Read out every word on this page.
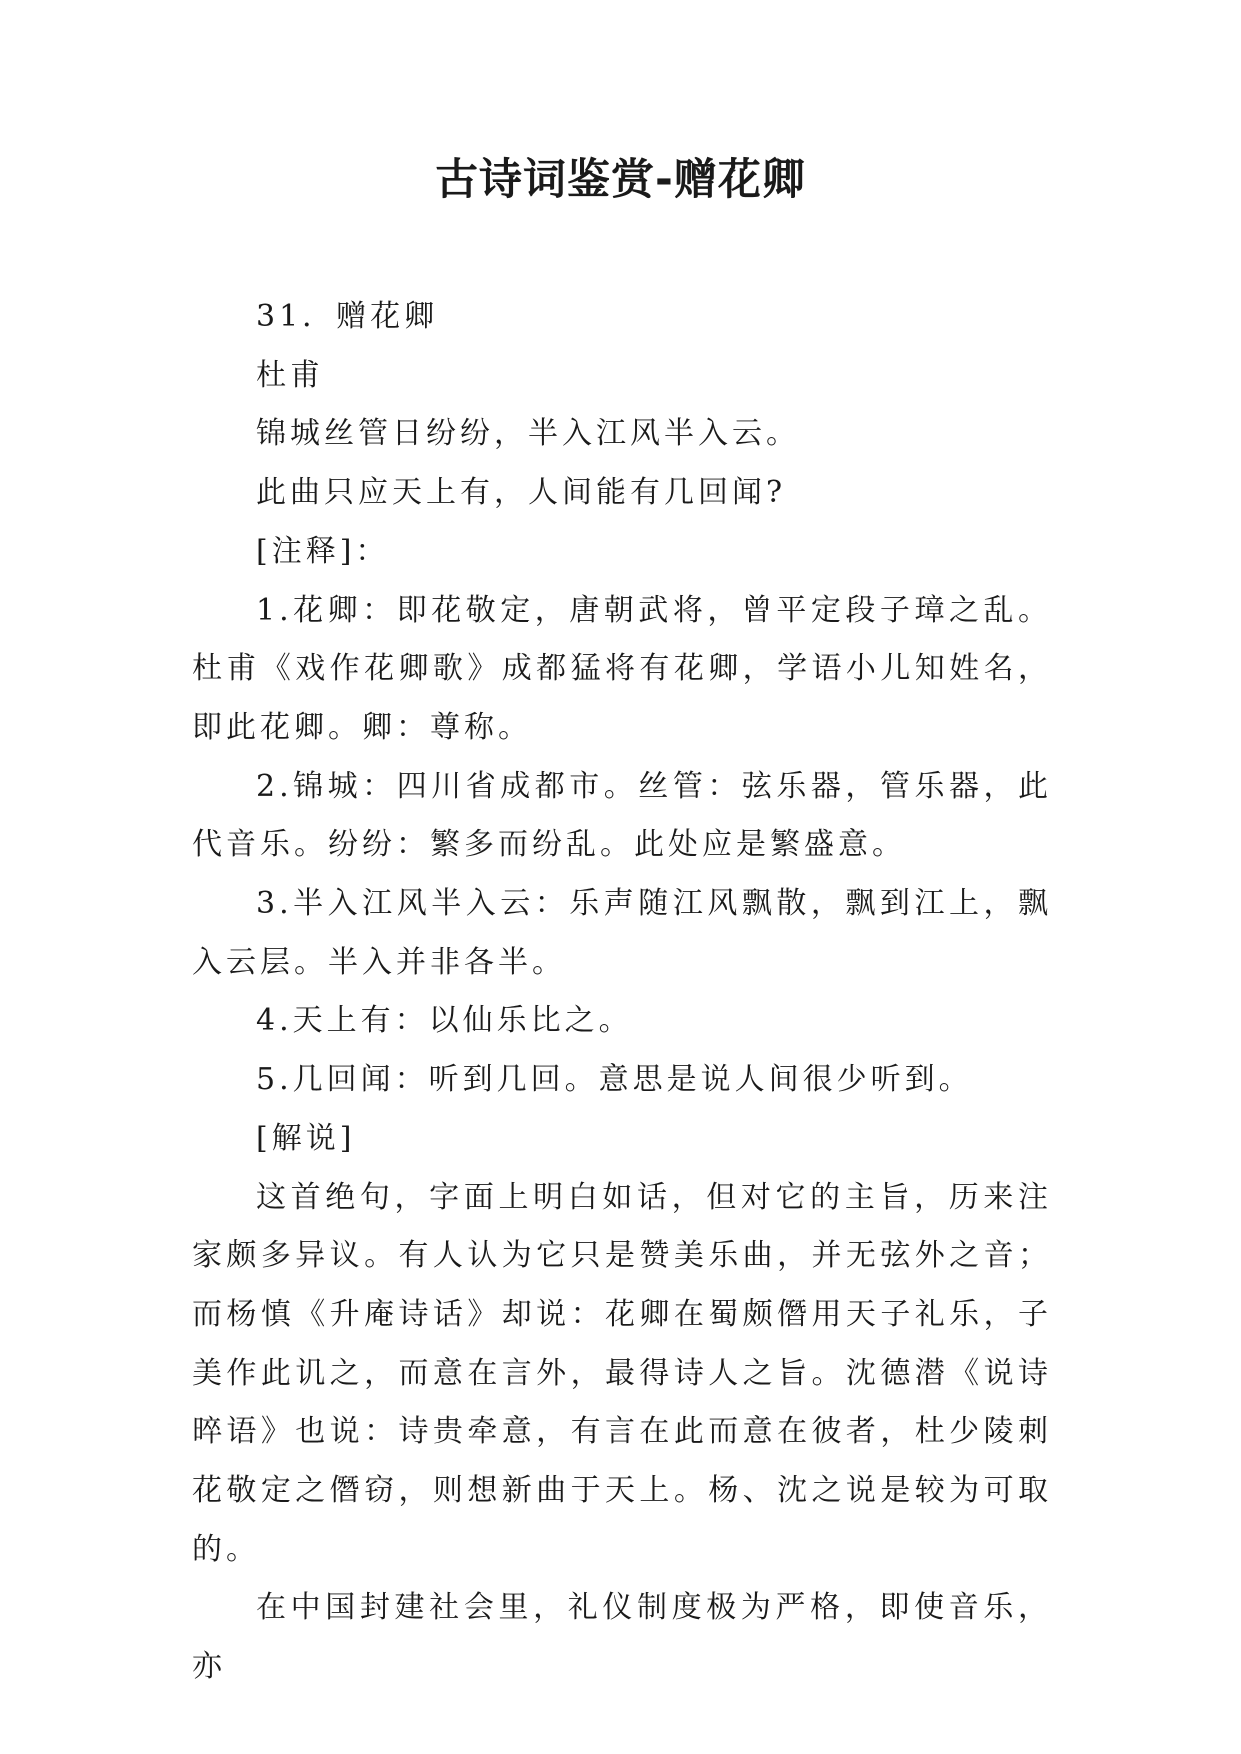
古诗词鉴赏-赠花卿

31．赠花卿

杜甫

锦城丝管日纷纷，半入江风半入云。

此曲只应天上有，人间能有几回闻?

[注释]：

1.花卿：即花敬定，唐朝武将，曾平定段子璋之乱。杜甫《戏作花卿歌》成都猛将有花卿，学语小儿知姓名，即此花卿。卿：尊称。

2.锦城：四川省成都市。丝管：弦乐器，管乐器，此代音乐。纷纷：繁多而纷乱。此处应是繁盛意。

3.半入江风半入云：乐声随江风飘散，飘到江上，飘入云层。半入并非各半。

4.天上有：以仙乐比之。

5.几回闻：听到几回。意思是说人间很少听到。

[解说]

这首绝句，字面上明白如话，但对它的主旨，历来注家颇多异议。有人认为它只是赞美乐曲，并无弦外之音；而杨慎《升庵诗话》却说：花卿在蜀颇僭用天子礼乐，子美作此讥之，而意在言外，最得诗人之旨。沈德潜《说诗晬语》也说：诗贵牵意，有言在此而意在彼者，杜少陵刺花敬定之僭窃，则想新曲于天上。杨、沈之说是较为可取的。

在中国封建社会里，礼仪制度极为严格，即使音乐，亦
